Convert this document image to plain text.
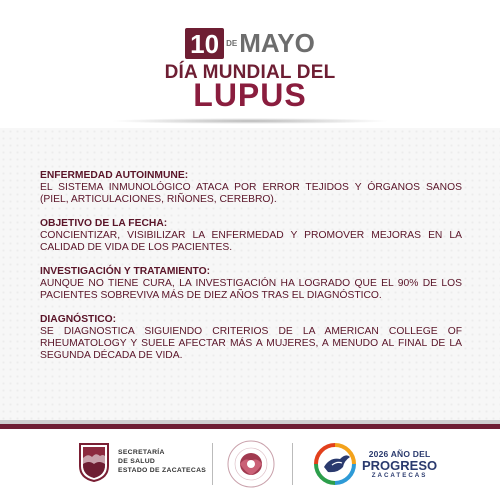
10 DE MAYO
DÍA MUNDIAL DEL
LUPUS
ENFERMEDAD AUTOINMUNE:

EL SISTEMA INMUNOLÓGICO ATACA POR ERROR TEJIDOS Y ÓRGANOS SANOS (PIEL, ARTICULACIONES, RIÑONES, CEREBRO).

OBJETIVO DE LA FECHA:

CONCIENTIZAR, VISIBILIZAR LA ENFERMEDAD Y PROMOVER MEJORAS EN LA CALIDAD DE VIDA DE LOS PACIENTES.

INVESTIGACIÓN Y TRATAMIENTO:

AUNQUE NO TIENE CURA, LA INVESTIGACIÓN HA LOGRADO QUE EL 90% DE LOS PACIENTES SOBREVIVA MÁS DE DIEZ AÑOS TRAS EL DIAGNÓSTICO.

DIAGNÓSTICO:

SE DIAGNOSTICA SIGUIENDO CRITERIOS DE LA AMERICAN COLLEGE OF RHEUMATOLOGY Y SUELE AFECTAR MÁS A MUJERES, A MENUDO AL FINAL DE LA SEGUNDA DÉCADA DE VIDA.

SECRETARÍA
DE SALUD
ESTADO DE ZACATECAS
2026 AÑO DEL
PROGRESO
ZACATECAS
